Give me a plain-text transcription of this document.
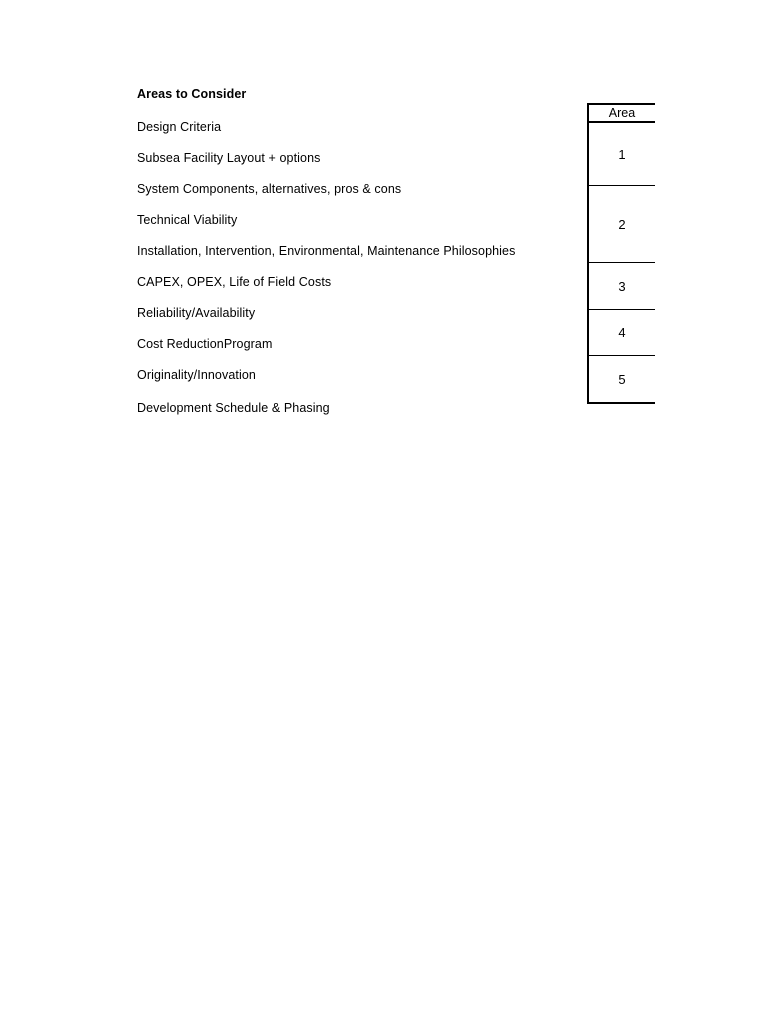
Areas to Consider
Design Criteria
Subsea Facility Layout + options
System Components, alternatives, pros & cons
Technical Viability
Installation, Intervention, Environmental, Maintenance Philosophies
CAPEX, OPEX, Life of Field Costs
Reliability/Availability
Cost ReductionProgram
Originality/Innovation
Development Schedule & Phasing
Area
1
2
3
4
5
